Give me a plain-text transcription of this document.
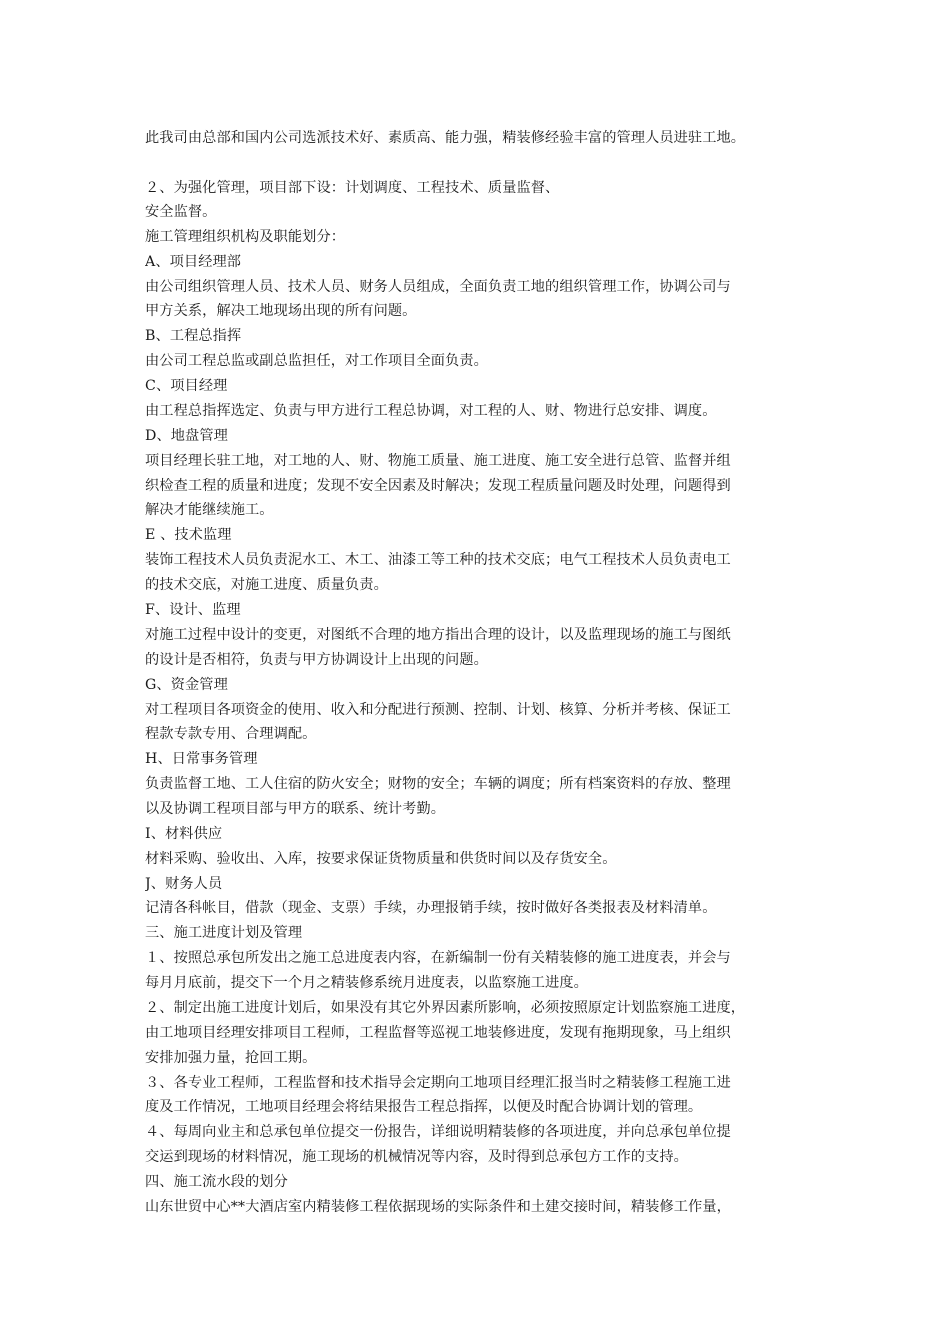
此我司由总部和国内公司选派技术好、素质高、能力强，精装修经验丰富的管理人员进驻工地。
２、为强化管理，项目部下设：计划调度、工程技术、质量监督、
安全监督。
施工管理组织机构及职能划分：
A、项目经理部
由公司组织管理人员、技术人员、财务人员组成，全面负责工地的组织管理工作，协调公司与
甲方关系，解决工地现场出现的所有问题。
B、工程总指挥
由公司工程总监或副总监担任，对工作项目全面负责。
C、项目经理
由工程总指挥选定、负责与甲方进行工程总协调，对工程的人、财、物进行总安排、调度。
D、地盘管理
项目经理长驻工地，对工地的人、财、物施工质量、施工进度、施工安全进行总管、监督并组
织检查工程的质量和进度；发现不安全因素及时解决；发现工程质量问题及时处理，问题得到
解决才能继续施工。
E 、技术监理
装饰工程技术人员负责泥水工、木工、油漆工等工种的技术交底；电气工程技术人员负责电工
的技术交底，对施工进度、质量负责。
F、设计、监理
对施工过程中设计的变更，对图纸不合理的地方指出合理的设计，以及监理现场的施工与图纸
的设计是否相符，负责与甲方协调设计上出现的问题。
G、资金管理
对工程项目各项资金的使用、收入和分配进行预测、控制、计划、核算、分析并考核、保证工
程款专款专用、合理调配。
H、日常事务管理
负责监督工地、工人住宿的防火安全；财物的安全；车辆的调度；所有档案资料的存放、整理
以及协调工程项目部与甲方的联系、统计考勤。
I、材料供应
材料采购、验收出、入库，按要求保证货物质量和供货时间以及存货安全。
J、财务人员
记清各科帐目，借款（现金、支票）手续，办理报销手续，按时做好各类报表及材料清单。
三、施工进度计划及管理
１、按照总承包所发出之施工总进度表内容，在新编制一份有关精装修的施工进度表，并会与
每月月底前，提交下一个月之精装修系统月进度表，以监察施工进度。
２、制定出施工进度计划后，如果没有其它外界因素所影响，必须按照原定计划监察施工进度，
由工地项目经理安排项目工程师，工程监督等巡视工地装修进度，发现有拖期现象，马上组织
安排加强力量，抢回工期。
３、各专业工程师，工程监督和技术指导会定期向工地项目经理汇报当时之精装修工程施工进
度及工作情况，工地项目经理会将结果报告工程总指挥，以便及时配合协调计划的管理。
４、每周向业主和总承包单位提交一份报告，详细说明精装修的各项进度，并向总承包单位提
交运到现场的材料情况，施工现场的机械情况等内容，及时得到总承包方工作的支持。
四、施工流水段的划分
山东世贸中心**大酒店室内精装修工程依据现场的实际条件和土建交接时间，精装修工作量，
